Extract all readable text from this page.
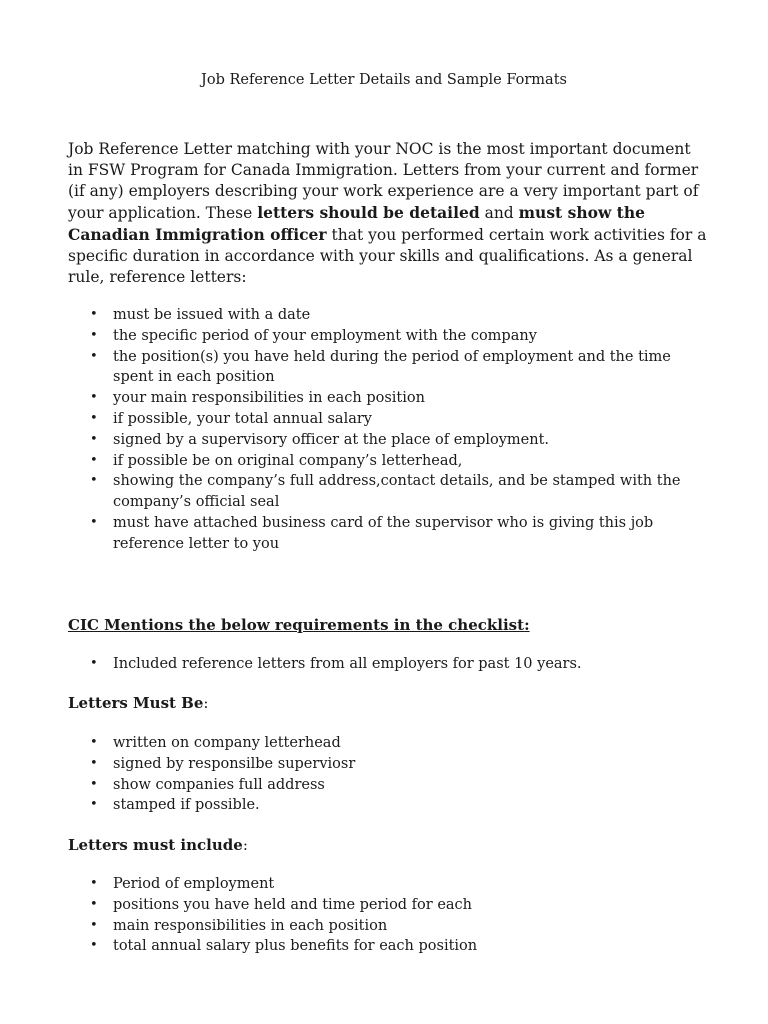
Job Reference Letter Details and Sample Formats

Job Reference Letter matching with your NOC is the most important document in FSW Program for Canada Immigration. Letters from your current and former (if any) employers describing your work experience are a very important part of your application. These letters should be detailed and must show the Canadian Immigration officer that you performed certain work activities for a specific duration in accordance with your skills and qualifications. As a general rule, reference letters:

• must be issued with a date
• the specific period of your employment with the company
• the position(s) you have held during the period of employment and the time spent in each position
• your main responsibilities in each position
• if possible, your total annual salary
• signed by a supervisory officer at the place of employment.
• if possible be on original company’s letterhead,
• showing the company’s full address,contact details, and be stamped with the company’s official seal
• must have attached business card of the supervisor who is giving this job reference letter to you

CIC Mentions the below requirements in the checklist:

• Included reference letters from all employers for past 10 years.

Letters Must Be:

• written on company letterhead
• signed by responsilbe superviosr
• show companies full address
• stamped if possible.

Letters must include:

• Period of employment
• positions you have held and time period for each
• main responsibilities in each position
• total annual salary plus benefits for each position
